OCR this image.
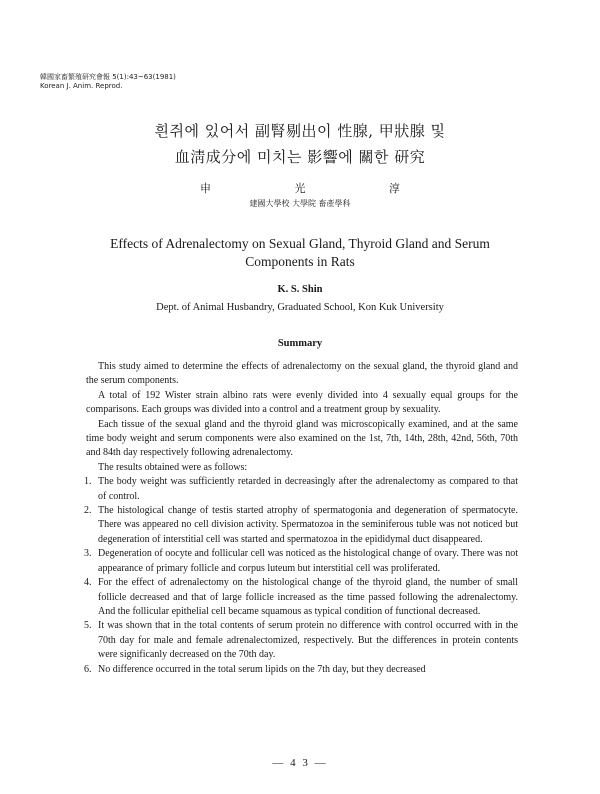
韓國家畜繁殖研究會報 5(1):43~63(1981)
Korean J. Anim. Reprod.
흰쥐에 있어서 副腎剔出이 性腺, 甲狀腺 및
血淸成分에 미치는 影響에 關한 研究
申 光 淳
建國大學校 大學院 畜產學科
Effects of Adrenalectomy on Sexual Gland, Thyroid Gland and Serum
Components in Rats
K. S. Shin
Dept. of Animal Husbandry, Graduated School, Kon Kuk University
Summary

This study aimed to determine the effects of adrenalectomy on the sexual gland, the thyroid gland and the serum components.

A total of 192 Wister strain albino rats were evenly divided into 4 sexually equal groups for the comparisons. Each groups was divided into a control and a treatment group by sexuality.

Each tissue of the sexual gland and the thyroid gland was microscopically examined, and at the same time body weight and serum components were also examined on the 1st, 7th, 14th, 28th, 42nd, 56th, 70th and 84th day respectively following adrenalectomy.

The results obtained were as follows:

1. The body weight was sufficiently retarded in decreasingly after the adrenalectomy as compared to that of control.
2. The histological change of testis started atrophy of spermatogonia and degeneration of spermatocyte. There was appeared no cell division activity. Spermatozoa in the seminiferous tuble was not noticed but degeneration of interstitial cell was started and spermatozoa in the epididymal duct disappeared.
3. Degeneration of oocyte and follicular cell was noticed as the histological change of ovary. There was not appearance of primary follicle and corpus luteum but interstitial cell was proliferated.
4. For the effect of adrenalectomy on the histological change of the thyroid gland, the number of small follicle decreased and that of large follicle increased as the time passed following the adrenalectomy. And the follicular epithelial cell became squamous as typical condition of functional decreased.
5. It was shown that in the total contents of serum protein no difference with control occurred with in the 70th day for male and female adrenalectomized, respectively. But the differences in protein contents were significanly decreased on the 70th day.
6. No difference occurred in the total serum lipids on the 7th day, but they decreased
— 4 3 —
